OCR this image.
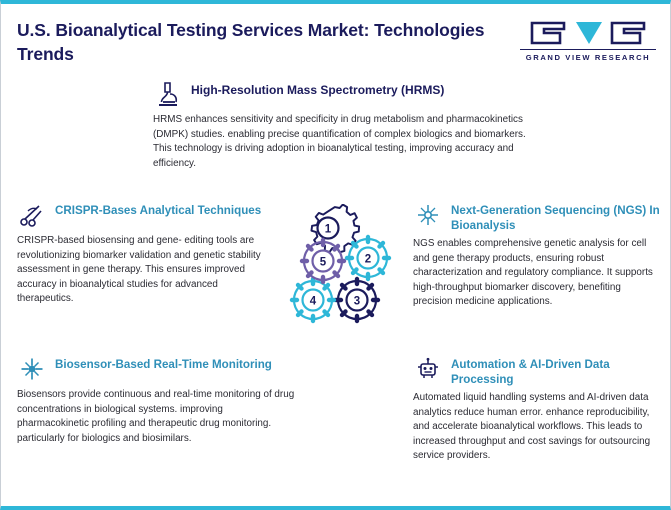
U.S. Bioanalytical Testing Services Market: Technologies Trends	GRAND VIEW RESEARCH
High-Resolution Mass Spectrometry (HRMS)
HRMS enhances sensitivity and specificity in drug metabolism and pharmacokinetics (DMPK) studies. enabling precise quantification of complex biologics and biomarkers. This technology is driving adoption in bioanalytical testing, improving accuracy and efficiency.
CRISPR-Bases Analytical Techniques
CRISPR-based biosensing and gene- editing tools are revolutionizing biomarker validation and genetic stability assessment in gene therapy. This ensures improved accuracy in bioanalytical studies for advanced therapeutics.
Next-Generation Sequencing (NGS) In Bioanalysis
NGS enables comprehensive genetic analysis for cell and gene therapy products, ensuring robust characterization and regulatory compliance. It supports high-throughput biomarker discovery, benefiting precision medicine applications.
Biosensor-Based Real-Time Monitoring
Biosensors provide continuous and real-time monitoring of drug concentrations in biological systems. improving pharmacokinetic profiling and therapeutic drug monitoring. particularly for biologics and biosimilars.
Automation & AI-Driven Data Processing
Automated liquid handling systems and AI-driven data analytics reduce human error. enhance reproducibility, and accelerate bioanalytical workflows. This leads to increased throughput and cost savings for outsourcing service providers.
1
2
3
4
5
